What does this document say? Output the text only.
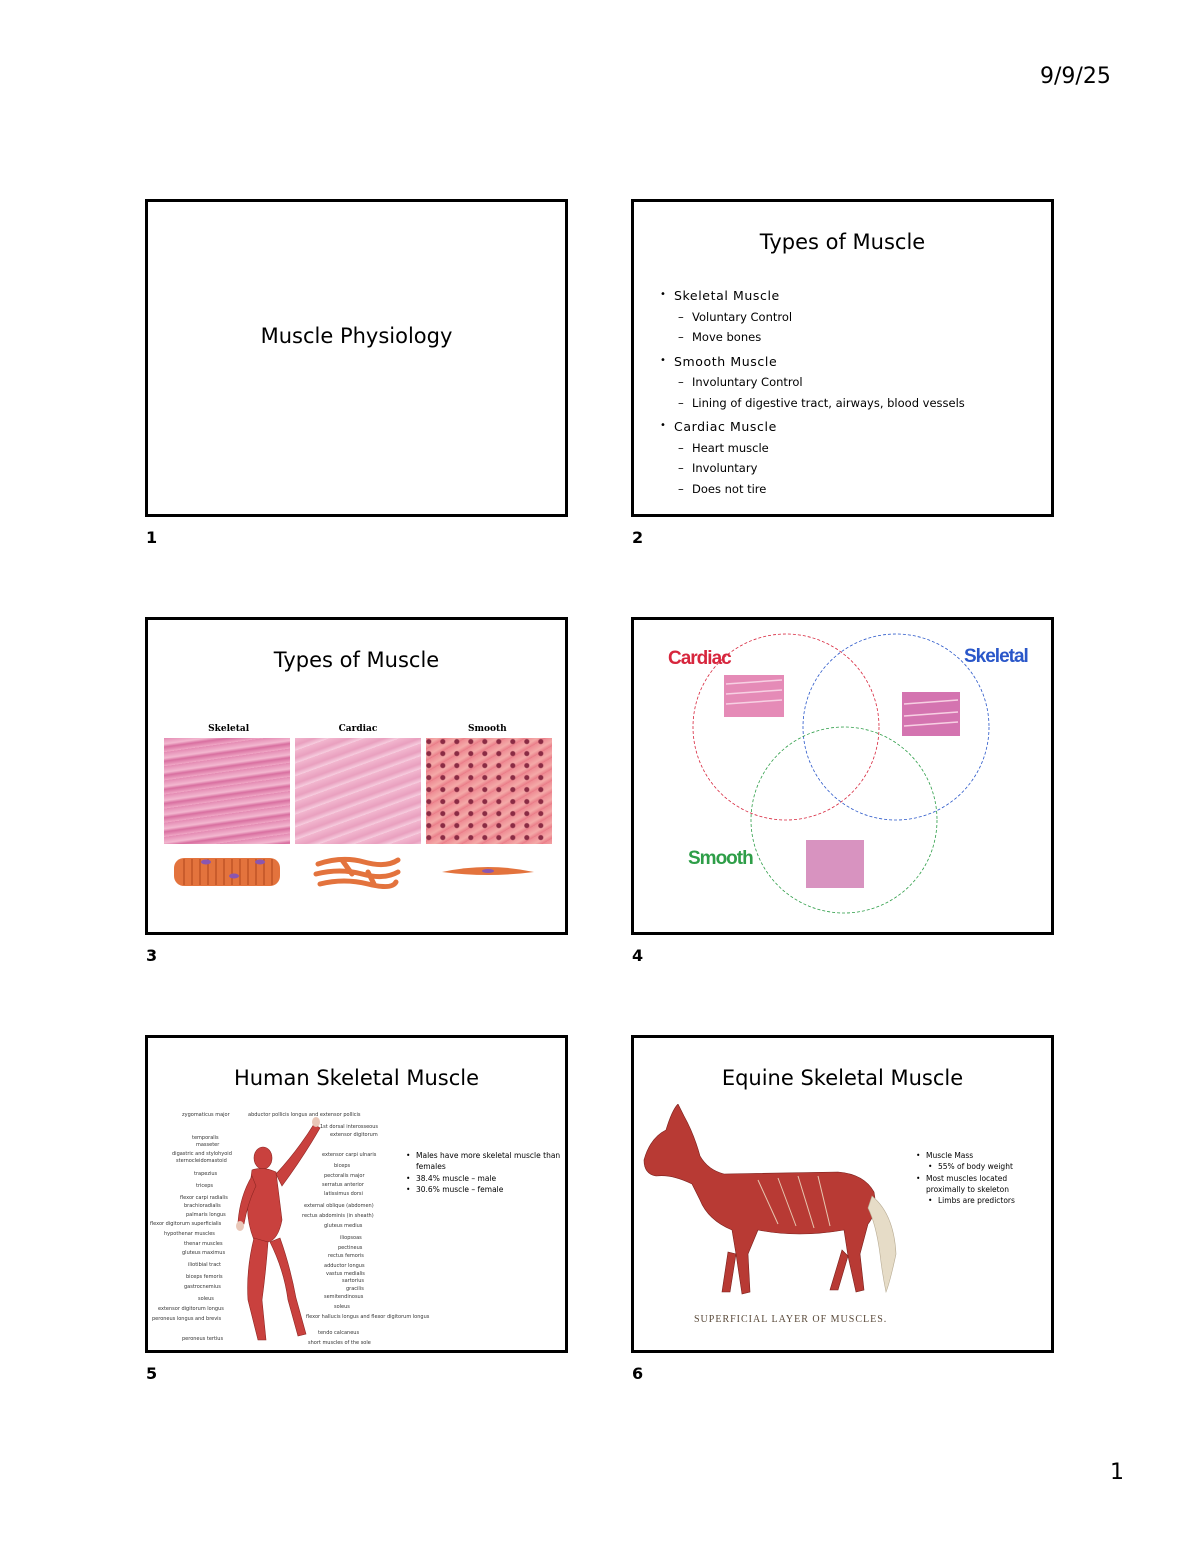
9/9/25
Muscle Physiology
1
Types of Muscle
• Skeletal Muscle
– Voluntary Control
– Move bones
• Smooth Muscle
– Involuntary Control
– Lining of digestive tract, airways, blood vessels
• Cardiac Muscle
– Heart muscle
– Involuntary
– Does not tire
2
Types of Muscle
Skeletal	Cardiac	Smooth
3
Cardiac	Skeletal
Smooth
4
Human Skeletal Muscle
zygomaticus major
temporalis
masseter
digastric and stylohyoid
sternocleidomastoid
trapezius
triceps
flexor carpi radialis
brachioradialis
palmaris longus
flexor digitorum superficialis
hypothenar muscles
thenar muscles
gluteus maximus
iliotibial tract
biceps femoris
gastrocnemius
soleus
extensor digitorum longus
peroneus longus and brevis
peroneus tertius
abductor pollicis longus and extensor pollicis
1st dorsal interosseous
extensor digitorum
extensor carpi ulnaris
biceps
pectoralis major
serratus anterior
latissimus dorsi
external oblique (abdomen)
rectus abdominis (in sheath)
gluteus medius
iliopsoas
pectineus
rectus femoris
adductor longus
vastus medialis
sartorius
gracilis
semitendinosus
soleus
flexor hallucis longus and flexor digitorum longus
tendo calcaneus
short muscles of the sole
• Males have more skeletal muscle than females
• 38.4% muscle – male
• 30.6% muscle – female
5
Equine Skeletal Muscle
SUPERFICIAL LAYER OF MUSCLES.
• Muscle Mass
• 55% of body weight
• Most muscles located proximally to skeleton
• Limbs are predictors
6
1
